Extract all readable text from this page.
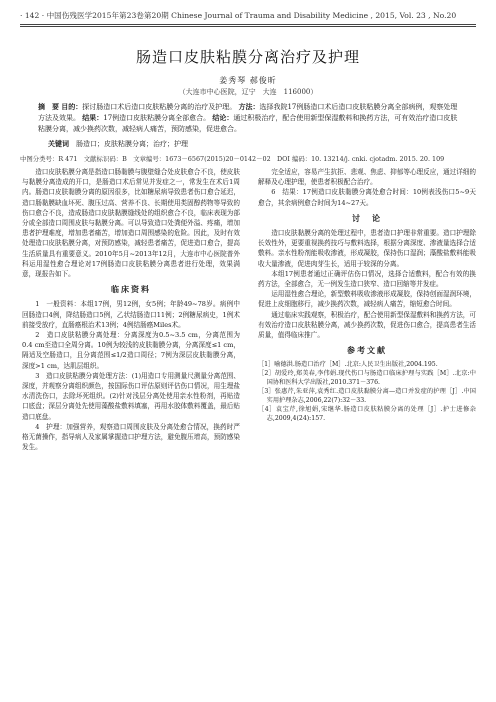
· 142 · 中国伤残医学2015年第23卷第20期 Chinese Journal of Trauma and Disability Medicine , 2015, Vol. 23 , No.20
肠造口皮肤粘膜分离治疗及护理
姜秀琴 郝俊昕
（大连市中心医院，辽宁　大连　116000）
摘　要 目的：探讨肠造口术后造口皮肤粘膜分离的治疗及护理。 方法：选择我院17例肠造口术后造口皮肤粘膜分离全部病例，观察处理方法及效果。 结果：17例造口皮肤粘膜分离全部愈合。 结论：通过积极治疗，配合使用新型保湿敷料和换药方法，可有效治疗造口皮肤粘膜分离，减少换药次数，减轻病人痛苦，预防感染，促进愈合。
关键词　 肠造口；皮肤粘膜分离；治疗；护理
中图分类号：R 471　文献标识码：B　文章编号：1673－6567(2015)20－0142－02　DOI 编码：10. 13214/j. cnki. cjotadm. 2015. 20. 109

造口皮肤粘膜分离是指造口肠黏膜与腹壁缝合处皮肤愈合不良，使皮肤与黏膜分离造成的开口，是肠造口术后常见并发症之一，常发生在术后1周内。肠造口皮肤黏膜分离的原因很多，比如糖尿病导致患者伤口愈合延迟，造口肠黏膜缺血坏死、腹压过高、营养不良、长期使用类固醇药物等导致的伤口愈合不良，造成肠造口皮肤黏膜缝线处的组织愈合不良，临床表现为部分或全部造口周围皮肤与黏膜分离。可以导致造口处粪便外溢、疼痛，增加患者护理难度，增加患者痛苦，增加造口周围感染的危险。因此，及时有效处理造口皮肤粘膜分离，对预防感染，减轻患者痛苦，促进造口愈合，提高生活质量具有重要意义。2010年5月~2013年12月，大连市中心医院普外科运用湿性愈合理论对17例肠造口皮肤粘膜分离患者进行处理，效果满意，现报告如下。

临床资料

1　一般资料：本组17例，男12例，女5例；年龄49~78岁。病例中回肠造口4例，降结肠造口5例，乙状结肠造口11例；2例糖尿病史，1例术前接受放疗，直肠癌根治术13例；4例结肠癌Miles术。

2　造口皮肤粘膜分离处理：分离深度为0.5~3.5 cm，分离范围为0.4 cm至造口全周分离。10例为较浅的皮肤黏膜分离，分离深度≤1 cm，隔适及空肠造口，且分离范围≤1/2造口周径；7例为深层皮肤黏膜分离，深度>1 cm，达肌层组织。

3　造口皮肤粘膜分离处理方法：(1)用造口专用测量尺测量分离范围、深度，并观察分离组织颜色，按国际伤口评估原则评估伤口情况，用生理盐水清洗伤口，去除坏死组织。(2)针对浅层分离处使用亲水性粉剂，再贴造口底盘；深层分离处先使用藻酸盐敷料填塞，再用水胶体敷料覆盖，最后贴造口底盘。

4　护理：加强营养，观察造口周围皮肤及分离处愈合情况，换药时严格无菌操作，指导病人及家属掌握造口护理方法，避免腹压增高，预防感染发生。

完全适应，容易产生抗拒、悲观、焦虑、抑郁等心理反应，通过详细的解释及心理护理，使患者积极配合治疗。

6　结果：17例造口皮肤黏膜分离处愈合时间：10例表浅伤口5~9天愈合，其余病例愈合时间为14~27天。

讨　论

造口皮肤黏膜分离的处理过程中，患者造口护理非常重要。造口护理除长效性外，更要重视换药技巧与敷料选择，根据分离深度、渗液量选择合适敷料。亲水性粉剂能吸收渗液，形成凝胶，保持伤口湿润；藻酸盐敷料能吸收大量渗液，促进肉芽生长，适用于较深的分离。

本组17例患者通过正确评估伤口情况，选择合适敷料，配合有效的换药方法，全部愈合，无一例发生造口狭窄、造口回缩等并发症。

运用湿性愈合理论，新型敷料吸收渗液形成凝胶，保持创面湿润环境，促进上皮细胞移行，减少换药次数，减轻病人痛苦，缩短愈合时间。

通过临床实践观察，积极治疗，配合使用新型保湿敷料和换药方法，可有效治疗造口皮肤粘膜分离，减少换药次数，促进伤口愈合，提高患者生活质量，值得临床推广。

参考文献
［1］喻德洪.肠造口治疗［M］.北京:人民卫生出版社,2004.195.
［2］胡爱玲,郑美春,李伟娟.现代伤口与肠造口临床护理与实践［M］.北京:中国协和医科大学出版社,2010.371－376.
［3］张惠芹,朱亚萍,袁秀红.造口皮肤黏膜分离—造口并发症的护理［J］.中国实用护理杂志,2006,22(7):32－33.
［4］袁宝芹,徐旭娟,宋继华.肠造口皮肤粘膜分离的处理［J］.护士进修杂志,2009,4(24):157.
